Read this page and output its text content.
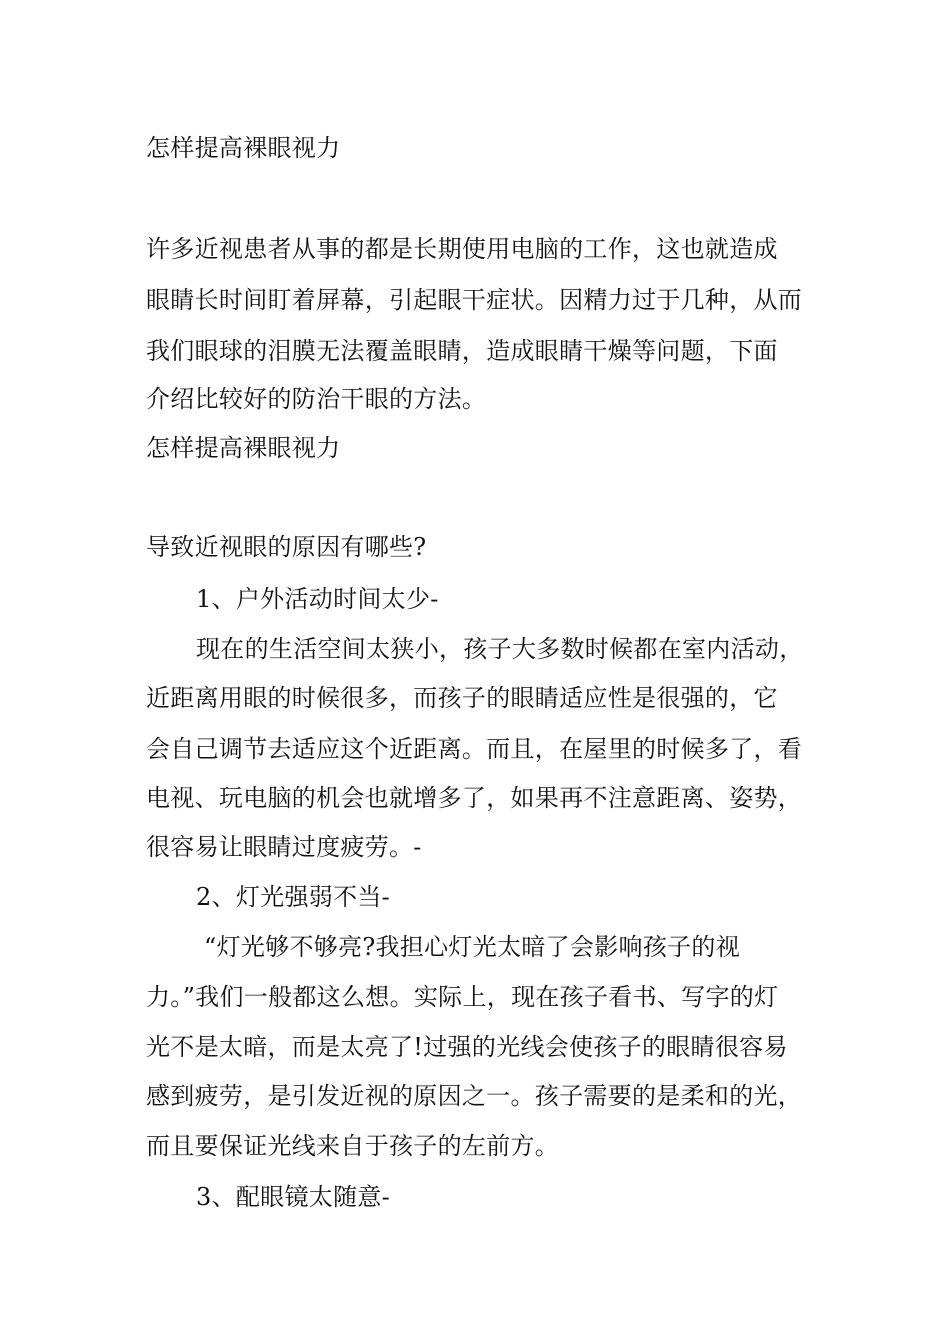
怎样提高裸眼视力
许多近视患者从事的都是长期使用电脑的工作，这也就造成
眼睛长时间盯着屏幕，引起眼干症状。因精力过于几种，从而
我们眼球的泪膜无法覆盖眼睛，造成眼睛干燥等问题，下面
介绍比较好的防治干眼的方法。
怎样提高裸眼视力
导致近视眼的原因有哪些?
1、户外活动时间太少-
现在的生活空间太狭小，孩子大多数时候都在室内活动，
近距离用眼的时候很多，而孩子的眼睛适应性是很强的，它
会自己调节去适应这个近距离。而且，在屋里的时候多了，看
电视、玩电脑的机会也就增多了，如果再不注意距离、姿势，
很容易让眼睛过度疲劳。-
2、灯光强弱不当-
“灯光够不够亮?我担心灯光太暗了会影响孩子的视
力。”我们一般都这么想。实际上，现在孩子看书、写字的灯
光不是太暗，而是太亮了!过强的光线会使孩子的眼睛很容易
感到疲劳，是引发近视的原因之一。孩子需要的是柔和的光，
而且要保证光线来自于孩子的左前方。
3、配眼镜太随意-
